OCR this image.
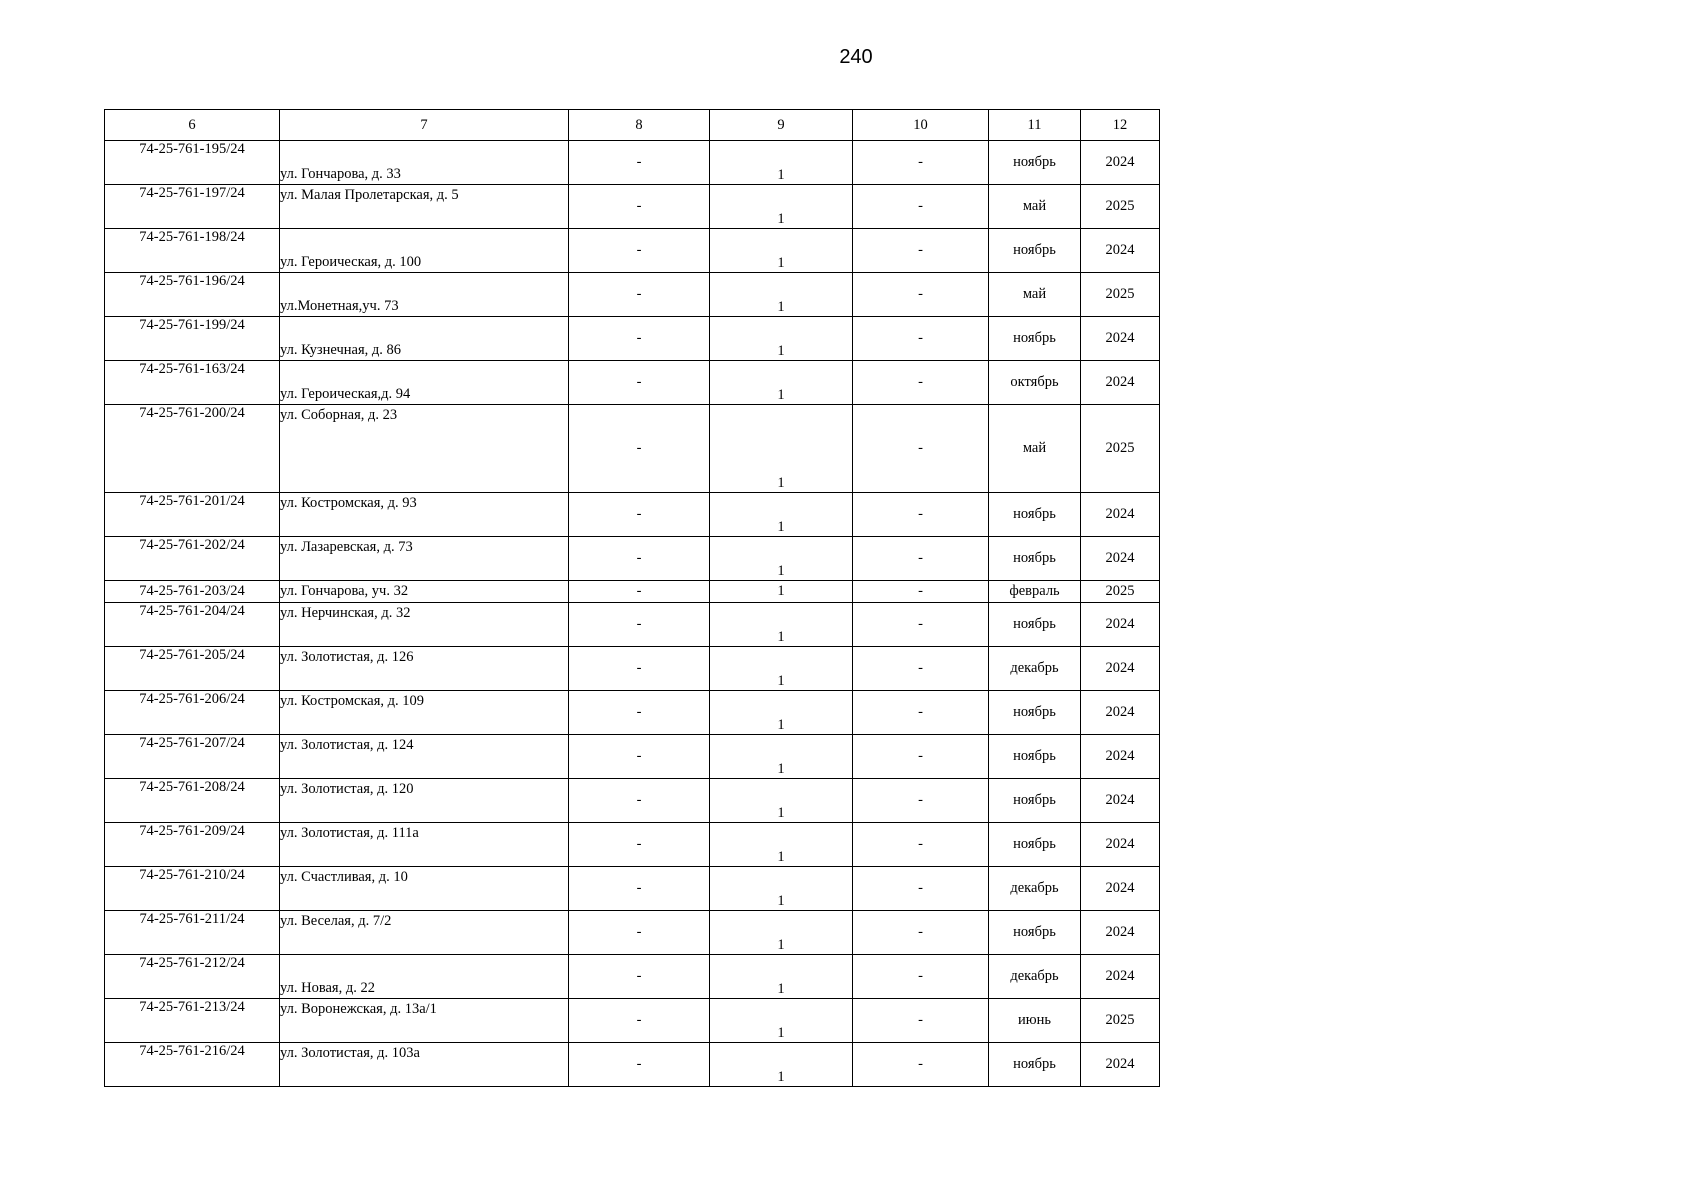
240
6	7	8	9	10	11	12
74-25-761-195/24	ул. Гончарова, д. 33	-	1	-	ноябрь	2024
74-25-761-197/24	ул. Малая Пролетарская, д. 5	-	1	-	май	2025
74-25-761-198/24	ул. Героическая, д. 100	-	1	-	ноябрь	2024
74-25-761-196/24	ул.Монетная,уч. 73	-	1	-	май	2025
74-25-761-199/24	ул. Кузнечная, д. 86	-	1	-	ноябрь	2024
74-25-761-163/24	ул. Героическая,д. 94	-	1	-	октябрь	2024
74-25-761-200/24	ул. Соборная, д. 23	-	1	-	май	2025
74-25-761-201/24	ул. Костромская, д. 93	-	1	-	ноябрь	2024
74-25-761-202/24	ул. Лазаревская, д. 73	-	1	-	ноябрь	2024
74-25-761-203/24	ул. Гончарова, уч. 32	-	1	-	февраль	2025
74-25-761-204/24	ул. Нерчинская, д. 32	-	1	-	ноябрь	2024
74-25-761-205/24	ул. Золотистая, д. 126	-	1	-	декабрь	2024
74-25-761-206/24	ул. Костромская, д. 109	-	1	-	ноябрь	2024
74-25-761-207/24	ул. Золотистая, д. 124	-	1	-	ноябрь	2024
74-25-761-208/24	ул. Золотистая, д. 120	-	1	-	ноябрь	2024
74-25-761-209/24	ул. Золотистая, д. 111а	-	1	-	ноябрь	2024
74-25-761-210/24	ул. Счастливая, д. 10	-	1	-	декабрь	2024
74-25-761-211/24	ул. Веселая, д. 7/2	-	1	-	ноябрь	2024
74-25-761-212/24	ул. Новая, д. 22	-	1	-	декабрь	2024
74-25-761-213/24	ул. Воронежская, д. 13а/1	-	1	-	июнь	2025
74-25-761-216/24	ул. Золотистая, д. 103а	-	1	-	ноябрь	2024
